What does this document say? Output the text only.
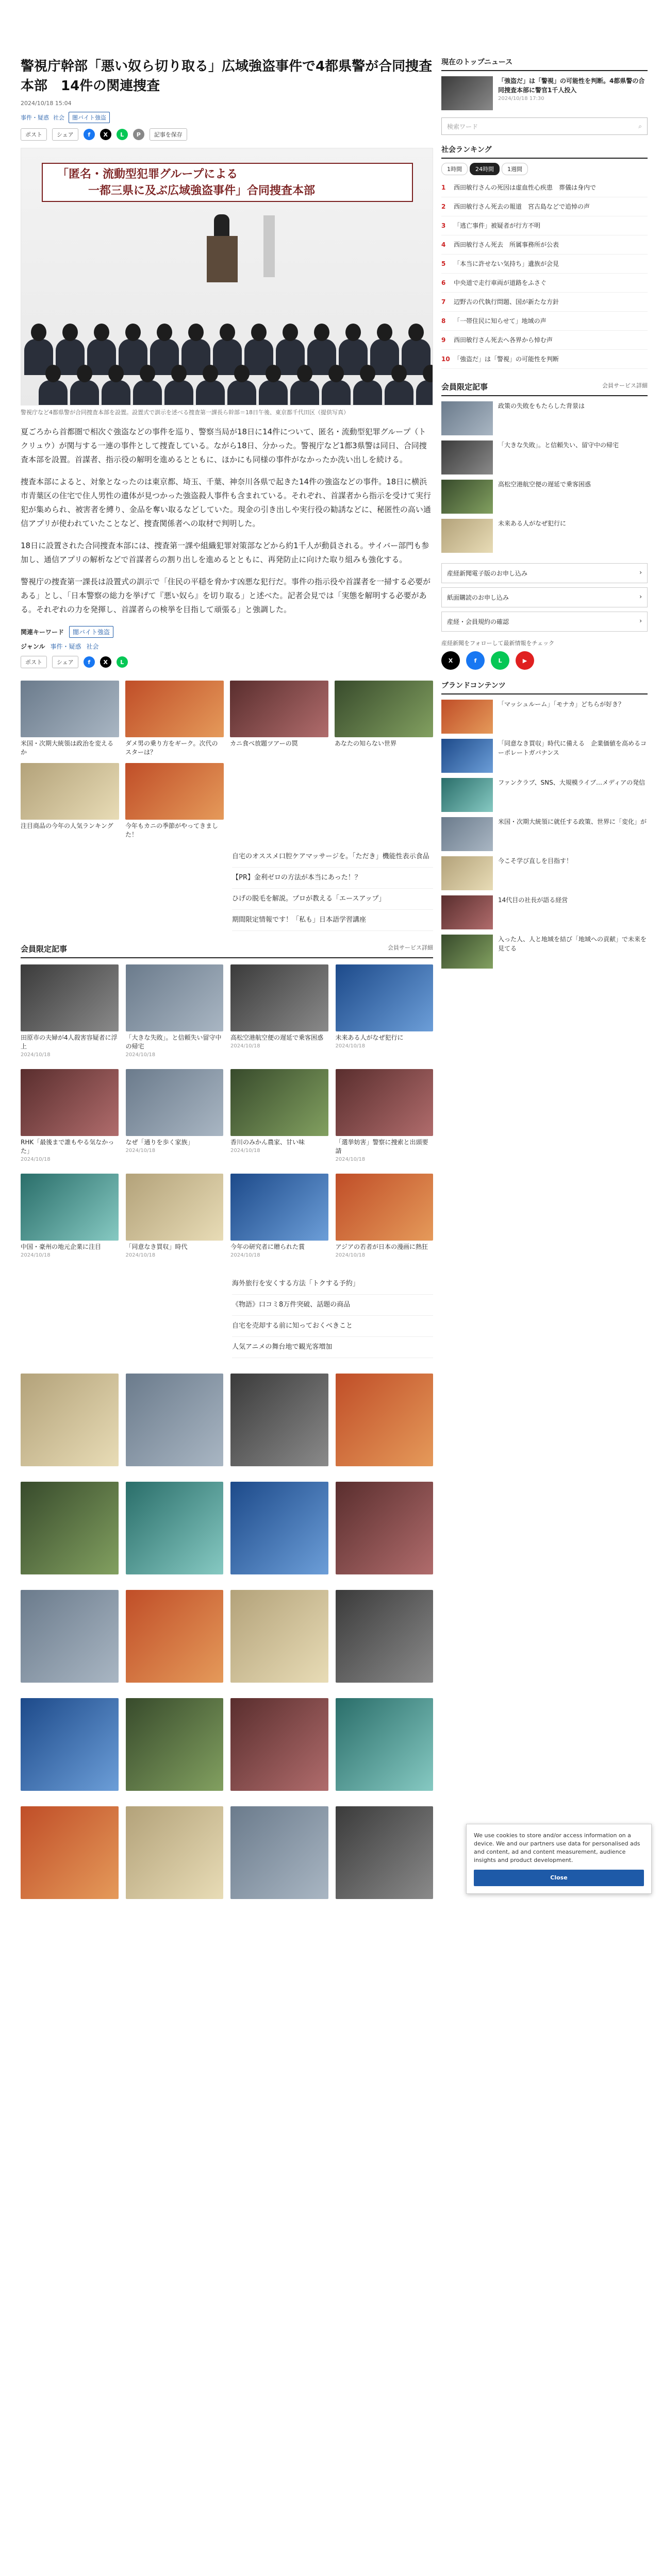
警視庁幹部「悪い奴ら切り取る」広域強盗事件で4都県警が合同捜査本部　14件の関連捜査
2024/10/18 15:04
事件・疑惑 社会	闇バイト強盗
ポスト	シェア	f	X	L	P	記事を保存
「匿名・流動型犯罪グループによる
一都三県に及ぶ広域強盗事件」合同捜査本部

警視庁など4都県警が合同捜査本部を設置。設置式で訓示を述べる捜査第一課長ら幹部＝18日午後、東京都千代田区（提供写真）

夏ごろから首都圏で相次ぐ強盗などの事件を巡り、警察当局が18日に14件について、匿名・流動型犯罪グループ（トクリュウ）が関与する一連の事件として捜査している。ながら18日、分かった。警視庁など1都3県警は同日、合同捜査本部を設置。首謀者、指示役の解明を進めるとともに、ほかにも同様の事件がなかったか洗い出しを続ける。

捜査本部によると、対象となったのは東京都、埼玉、千葉、神奈川各県で起きた14件の強盗などの事件。18日に横浜市青葉区の住宅で住人男性の遺体が見つかった強盗殺人事件も含まれている。それぞれ、首謀者から指示を受けて実行犯が集められ、被害者を縛り、金品を奪い取るなどしていた。現金の引き出しや実行役の勧誘などに、秘匿性の高い通信アプリが使われていたことなど、捜査関係者への取材で判明した。

18日に設置された合同捜査本部には、捜査第一課や組織犯罪対策部などから約1千人が動員される。サイバー部門も参加し、通信アプリの解析などで首謀者らの割り出しを進めるとともに、再発防止に向けた取り組みも強化する。

警視庁の捜査第一課長は設置式の訓示で「住民の平穏を脅かす凶悪な犯行だ。事件の指示役や首謀者を一掃する必要がある」とし、「日本警察の総力を挙げて『悪い奴ら』を切り取る」と述べた。記者会見では「実態を解明する必要がある。それぞれの力を発揮し、首謀者らの検挙を目指して頑張る」と強調した。

関連キーワード	闇バイト強盗
ジャンル 事件・疑惑 社会
ポスト	シェア	f	X	L
米国・次期大統領は政治を変えるか
ダメ男の乗り方をギーク。次代のスターは？
カニ食べ放題ツアーの罠	あなたの知らない世界
注目商品の今年の人気ランキング	今年もカニの季節がやってきました！
自宅のオススメ口腔ケアマッサージを。「ただき」機能性表示食品
【PR】金利ゼロの方法が本当にあった！？
ひげの脱毛を解説。プロが教える「エースアップ」
期間限定情報です！「私も」日本語学習講座
会員限定記事	会員サービス詳細
田原市の夫婦が4人殺害容疑者に浮上
2024/10/18
「大きな失敗」。と信頼失い留守中の帰宅
2024/10/18
高松空港航空便の遅延で乗客困惑
2024/10/18
未来ある人がなぜ犯行に
2024/10/18
RHK「最後まで誰もやる気なかった」
2024/10/18
なぜ「通りを歩く家族」
2024/10/18
香川のみかん農家、甘い味
2024/10/18
「選挙妨害」警察に捜索と出頭要請
2024/10/18
中国・豪州の地元企業に注目
2024/10/18
「同意なき買収」時代
2024/10/18
今年の研究者に贈られた賞
2024/10/18
アジアの若者が日本の漫画に熱狂
2024/10/18
海外旅行を安くする方法「トクする予約」
《物語》口コミ8万件突破、話題の商品
自宅を売却する前に知っておくべきこと
人気アニメの舞台地で観光客増加
現在のトップニュース
「強盗だ」は「警視」の可能性を判断。4都県警の合同捜査本部に警官1千人投入
2024/10/18 17:30
検索ワード	⌕
社会ランキング
1時間	24時間	1週間
1	西田敏行さんの死因は虚血性心疾患　葬儀は身内で
2	西田敏行さん死去の報道　宮古島などで追悼の声
3	「逃亡事件」被疑者が行方不明
4	西田敏行さん死去　所属事務所が公表
5	「本当に許せない気持ち」遺族が会見
6	中央道で走行車両が道路をふさぐ
7	辺野古の代執行問題、国が新たな方針
8	「一帯住民に知らせて」地域の声
9	西田敏行さん死去へ各界から悼む声
10 「強盗だ」は「警視」の可能性を判断
会員限定記事	会員サービス詳細
政策の失敗をもたらした背景は
「大きな失敗」。と信頼失い、留守中の帰宅
高松空港航空便の遅延で乗客困惑
未来ある人がなぜ犯行に
産経新聞電子版のお申し込み	›
紙面購読のお申し込み	›
産経・会員規約の確認	›
産経新聞をフォローして最新情報をチェック
X	f	L	▶
ブランドコンテンツ
「マッシュルーム」「モナカ」どちらが好き？
「同意なき買収」時代に備える　企業価値を高めるコーポレートガバナンス
ファンクラブ、SNS、大規模ライブ…メディアの発信
米国・次期大統領に就任する政策、世界に「変化」が
今こそ学び直しを目指す！
14代目の社長が語る経営
入った人、人と地域を結び「地域への貢献」で未来を見てる
We use cookies to store and/or access information on a device. We and our partners use data for personalised ads and content, ad and content measurement, audience insights and product development.
Close
